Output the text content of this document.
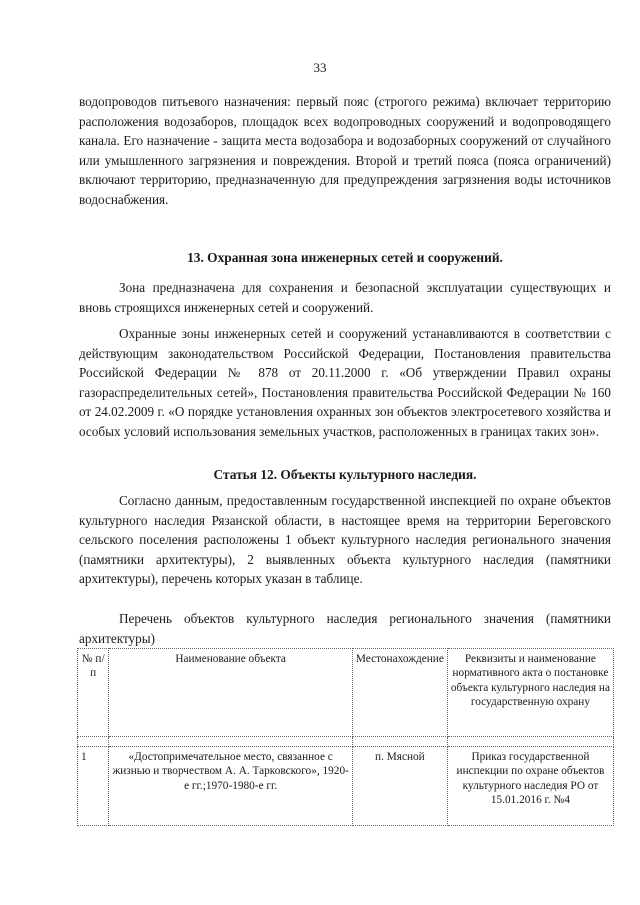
33
водопроводов питьевого назначения: первый пояс (строгого режима) включает территорию расположения водозаборов, площадок всех водопроводных сооружений и водопроводящего канала. Его назначение - защита места водозабора и водозаборных сооружений от случайного или умышленного загрязнения и повреждения. Второй и третий пояса (пояса ограничений) включают территорию, предназначенную для предупреждения загрязнения воды источников водоснабжения.
13. Охранная зона инженерных сетей и сооружений.
Зона предназначена для сохранения и безопасной эксплуатации существующих и вновь строящихся инженерных сетей и сооружений.
Охранные зоны инженерных сетей и сооружений устанавливаются в соответствии с действующим законодательством Российской Федерации, Постановления правительства Российской Федерации № 878 от 20.11.2000 г. «Об утверждении Правил охраны газораспределительных сетей», Постановления правительства Российской Федерации № 160 от 24.02.2009 г. «О порядке установления охранных зон объектов электросетевого хозяйства и особых условий использования земельных участков, расположенных в границах таких зон».
Статья 12. Объекты культурного наследия.
Согласно данным, предоставленным государственной инспекцией по охране объектов культурного наследия Рязанской области, в настоящее время на территории Береговского сельского поселения расположены 1 объект культурного наследия регионального значения (памятники архитектуры), 2 выявленных объекта культурного наследия (памятники архитектуры), перечень которых указан в таблице.
Перечень объектов культурного наследия регионального значения (памятники архитектуры)
№ п/п	Наименование объекта	Местонахождение	Реквизиты и наименование нормативного акта о постановке объекта культурного наследия на государственную охрану

1	«Достопримечательное место, связанное с жизнью и творчеством А. А. Тарковского», 1920-е гг.;1970-1980-е гг.	п. Мясной	Приказ государственной инспекции по охране объектов культурного наследия РО от 15.01.2016 г. №4
